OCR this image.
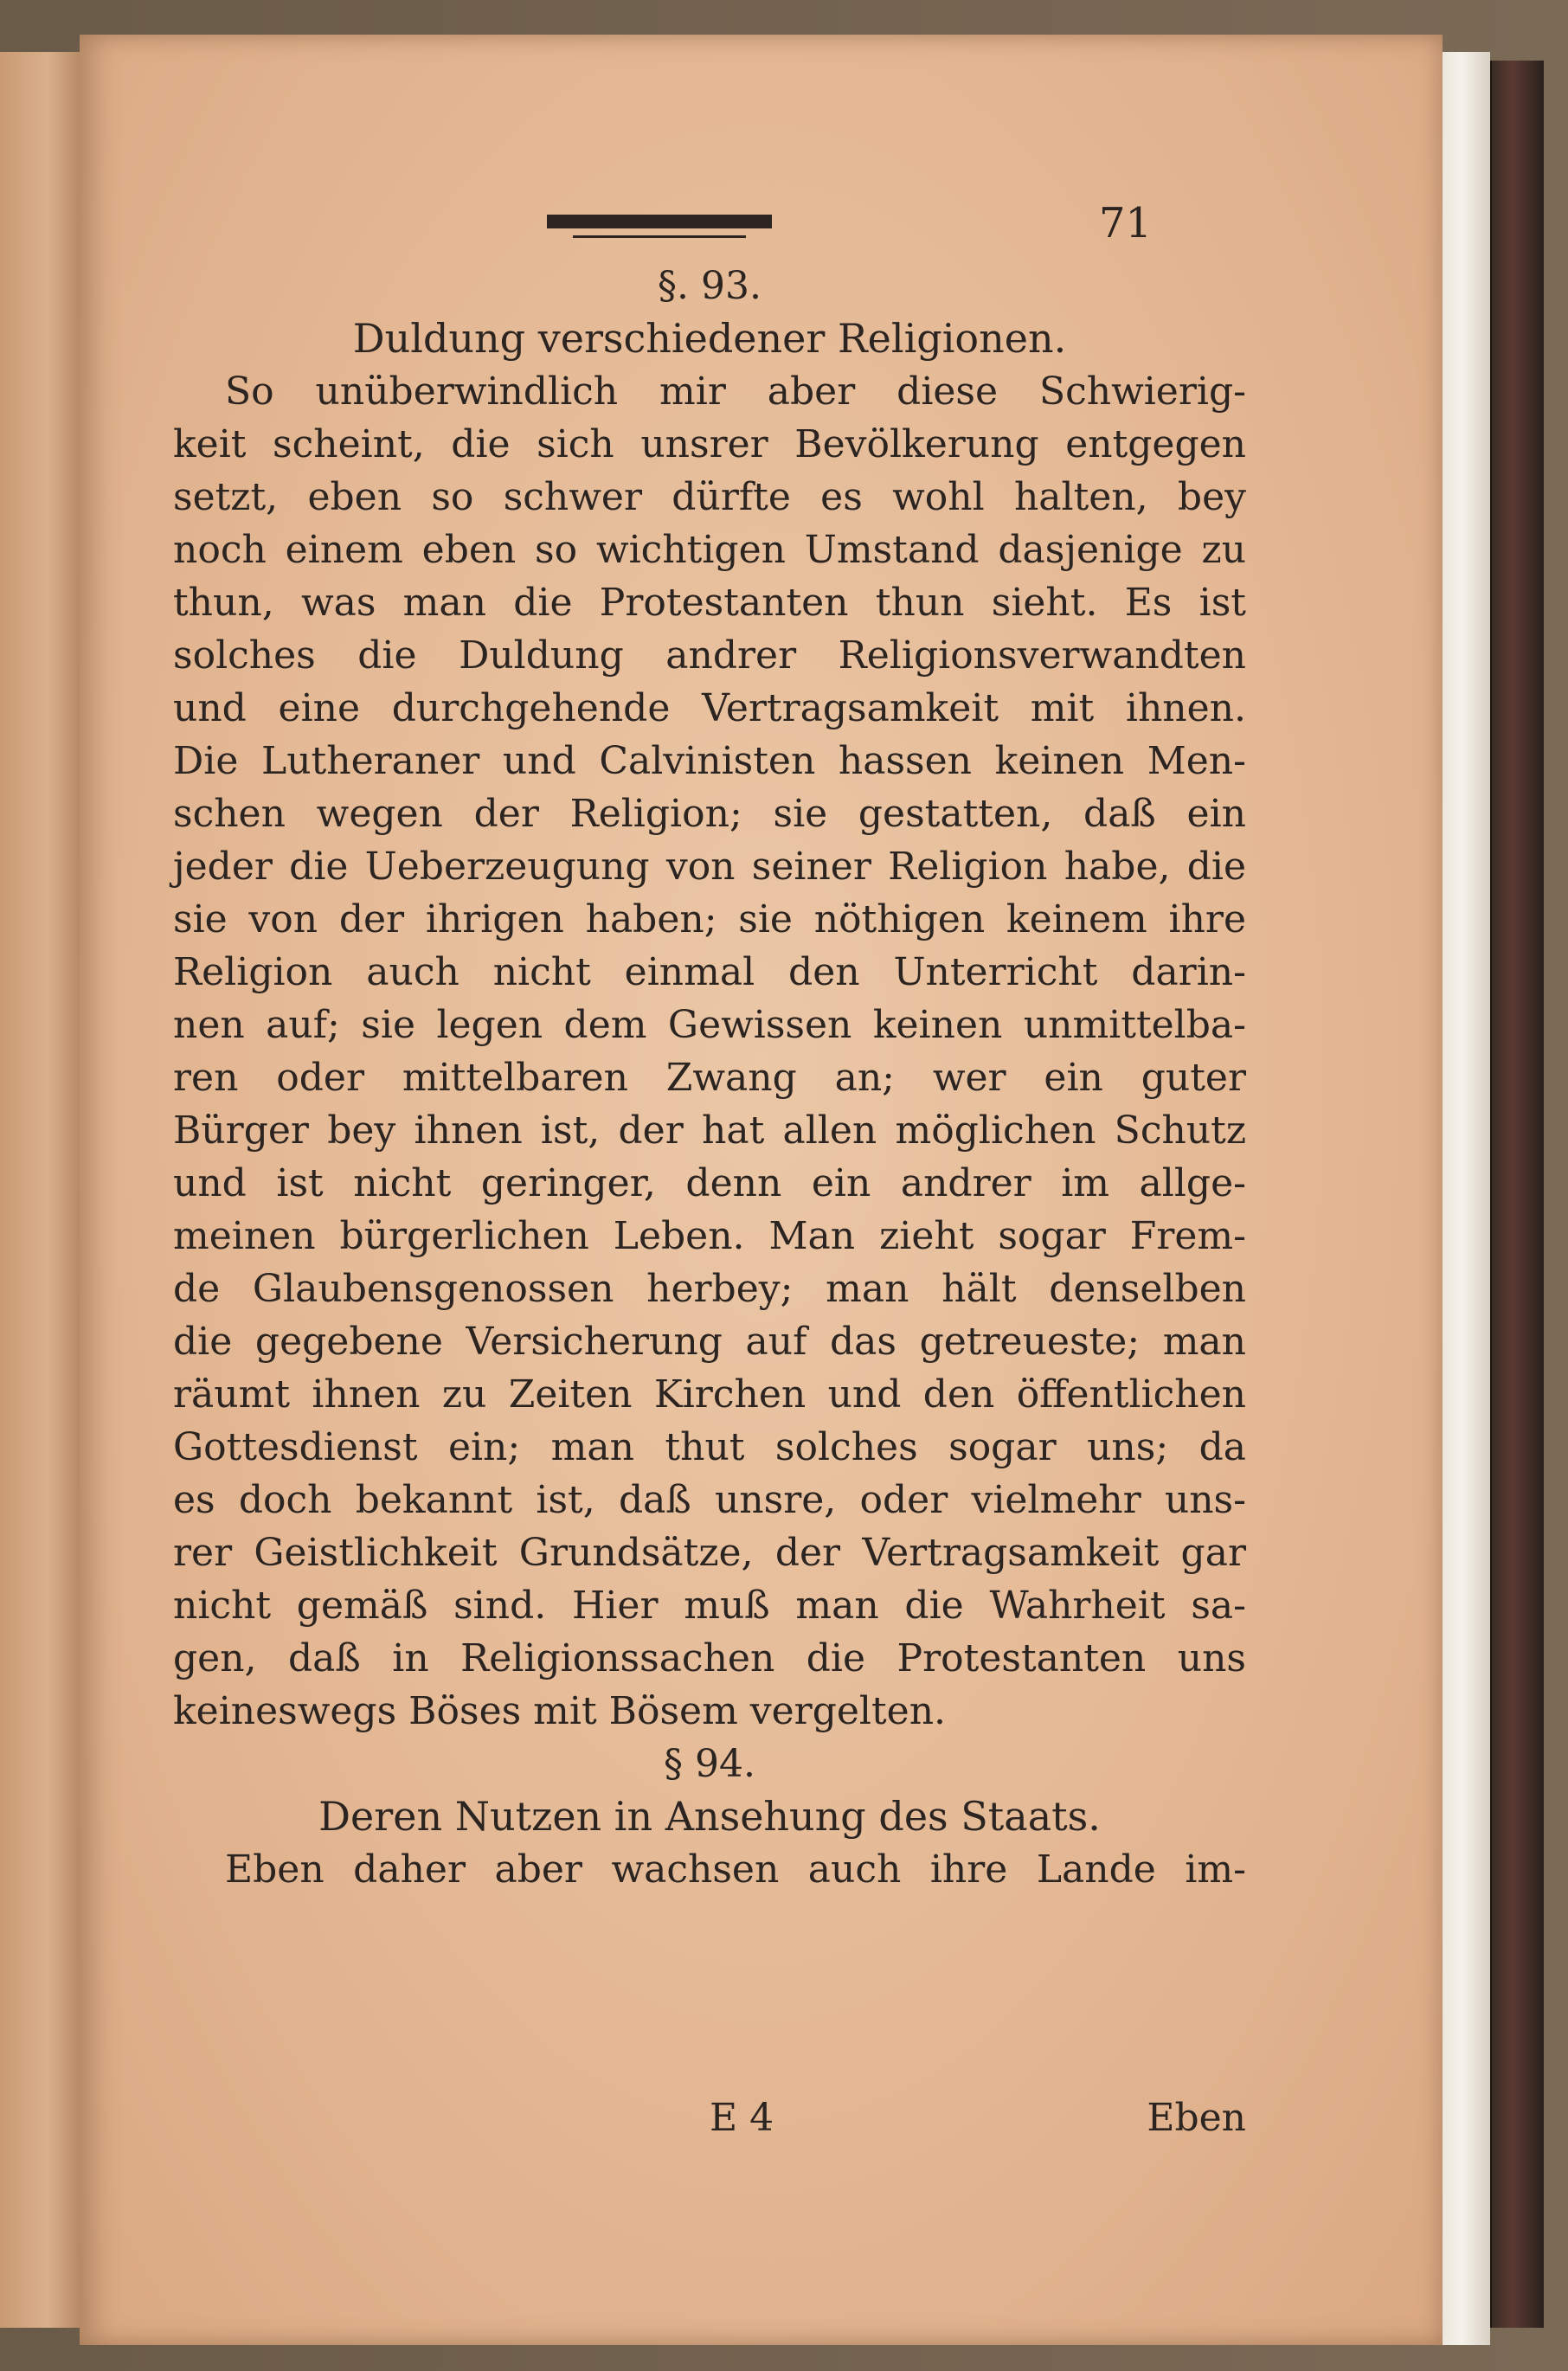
71

§. 93.

Duldung verschiedener Religionen.

So unüberwindlich mir aber diese Schwierig-
keit scheint, die sich unsrer Bevölkerung entgegen
setzt, eben so schwer dürfte es wohl halten, bey
noch einem eben so wichtigen Umstand dasjenige zu
thun, was man die Protestanten thun sieht. Es ist
solches die Duldung andrer Religionsverwandten
und eine durchgehende Vertragsamkeit mit ihnen.
Die Lutheraner und Calvinisten hassen keinen Men-
schen wegen der Religion; sie gestatten, daß ein
jeder die Ueberzeugung von seiner Religion habe, die
sie von der ihrigen haben; sie nöthigen keinem ihre
Religion auch nicht einmal den Unterricht darin-
nen auf; sie legen dem Gewissen keinen unmittelba-
ren oder mittelbaren Zwang an; wer ein guter
Bürger bey ihnen ist, der hat allen möglichen Schutz
und ist nicht geringer, denn ein andrer im allge-
meinen bürgerlichen Leben. Man zieht sogar Frem-
de Glaubensgenossen herbey; man hält denselben
die gegebene Versicherung auf das getreueste; man
räumt ihnen zu Zeiten Kirchen und den öffentlichen
Gottesdienst ein; man thut solches sogar uns; da
es doch bekannt ist, daß unsre, oder vielmehr uns-
rer Geistlichkeit Grundsätze, der Vertragsamkeit gar
nicht gemäß sind. Hier muß man die Wahrheit sa-
gen, daß in Religionssachen die Protestanten uns
keineswegs Böses mit Bösem vergelten.

§ 94.

Deren Nutzen in Ansehung des Staats.

Eben daher aber wachsen auch ihre Lande im-
E 4	Eben
